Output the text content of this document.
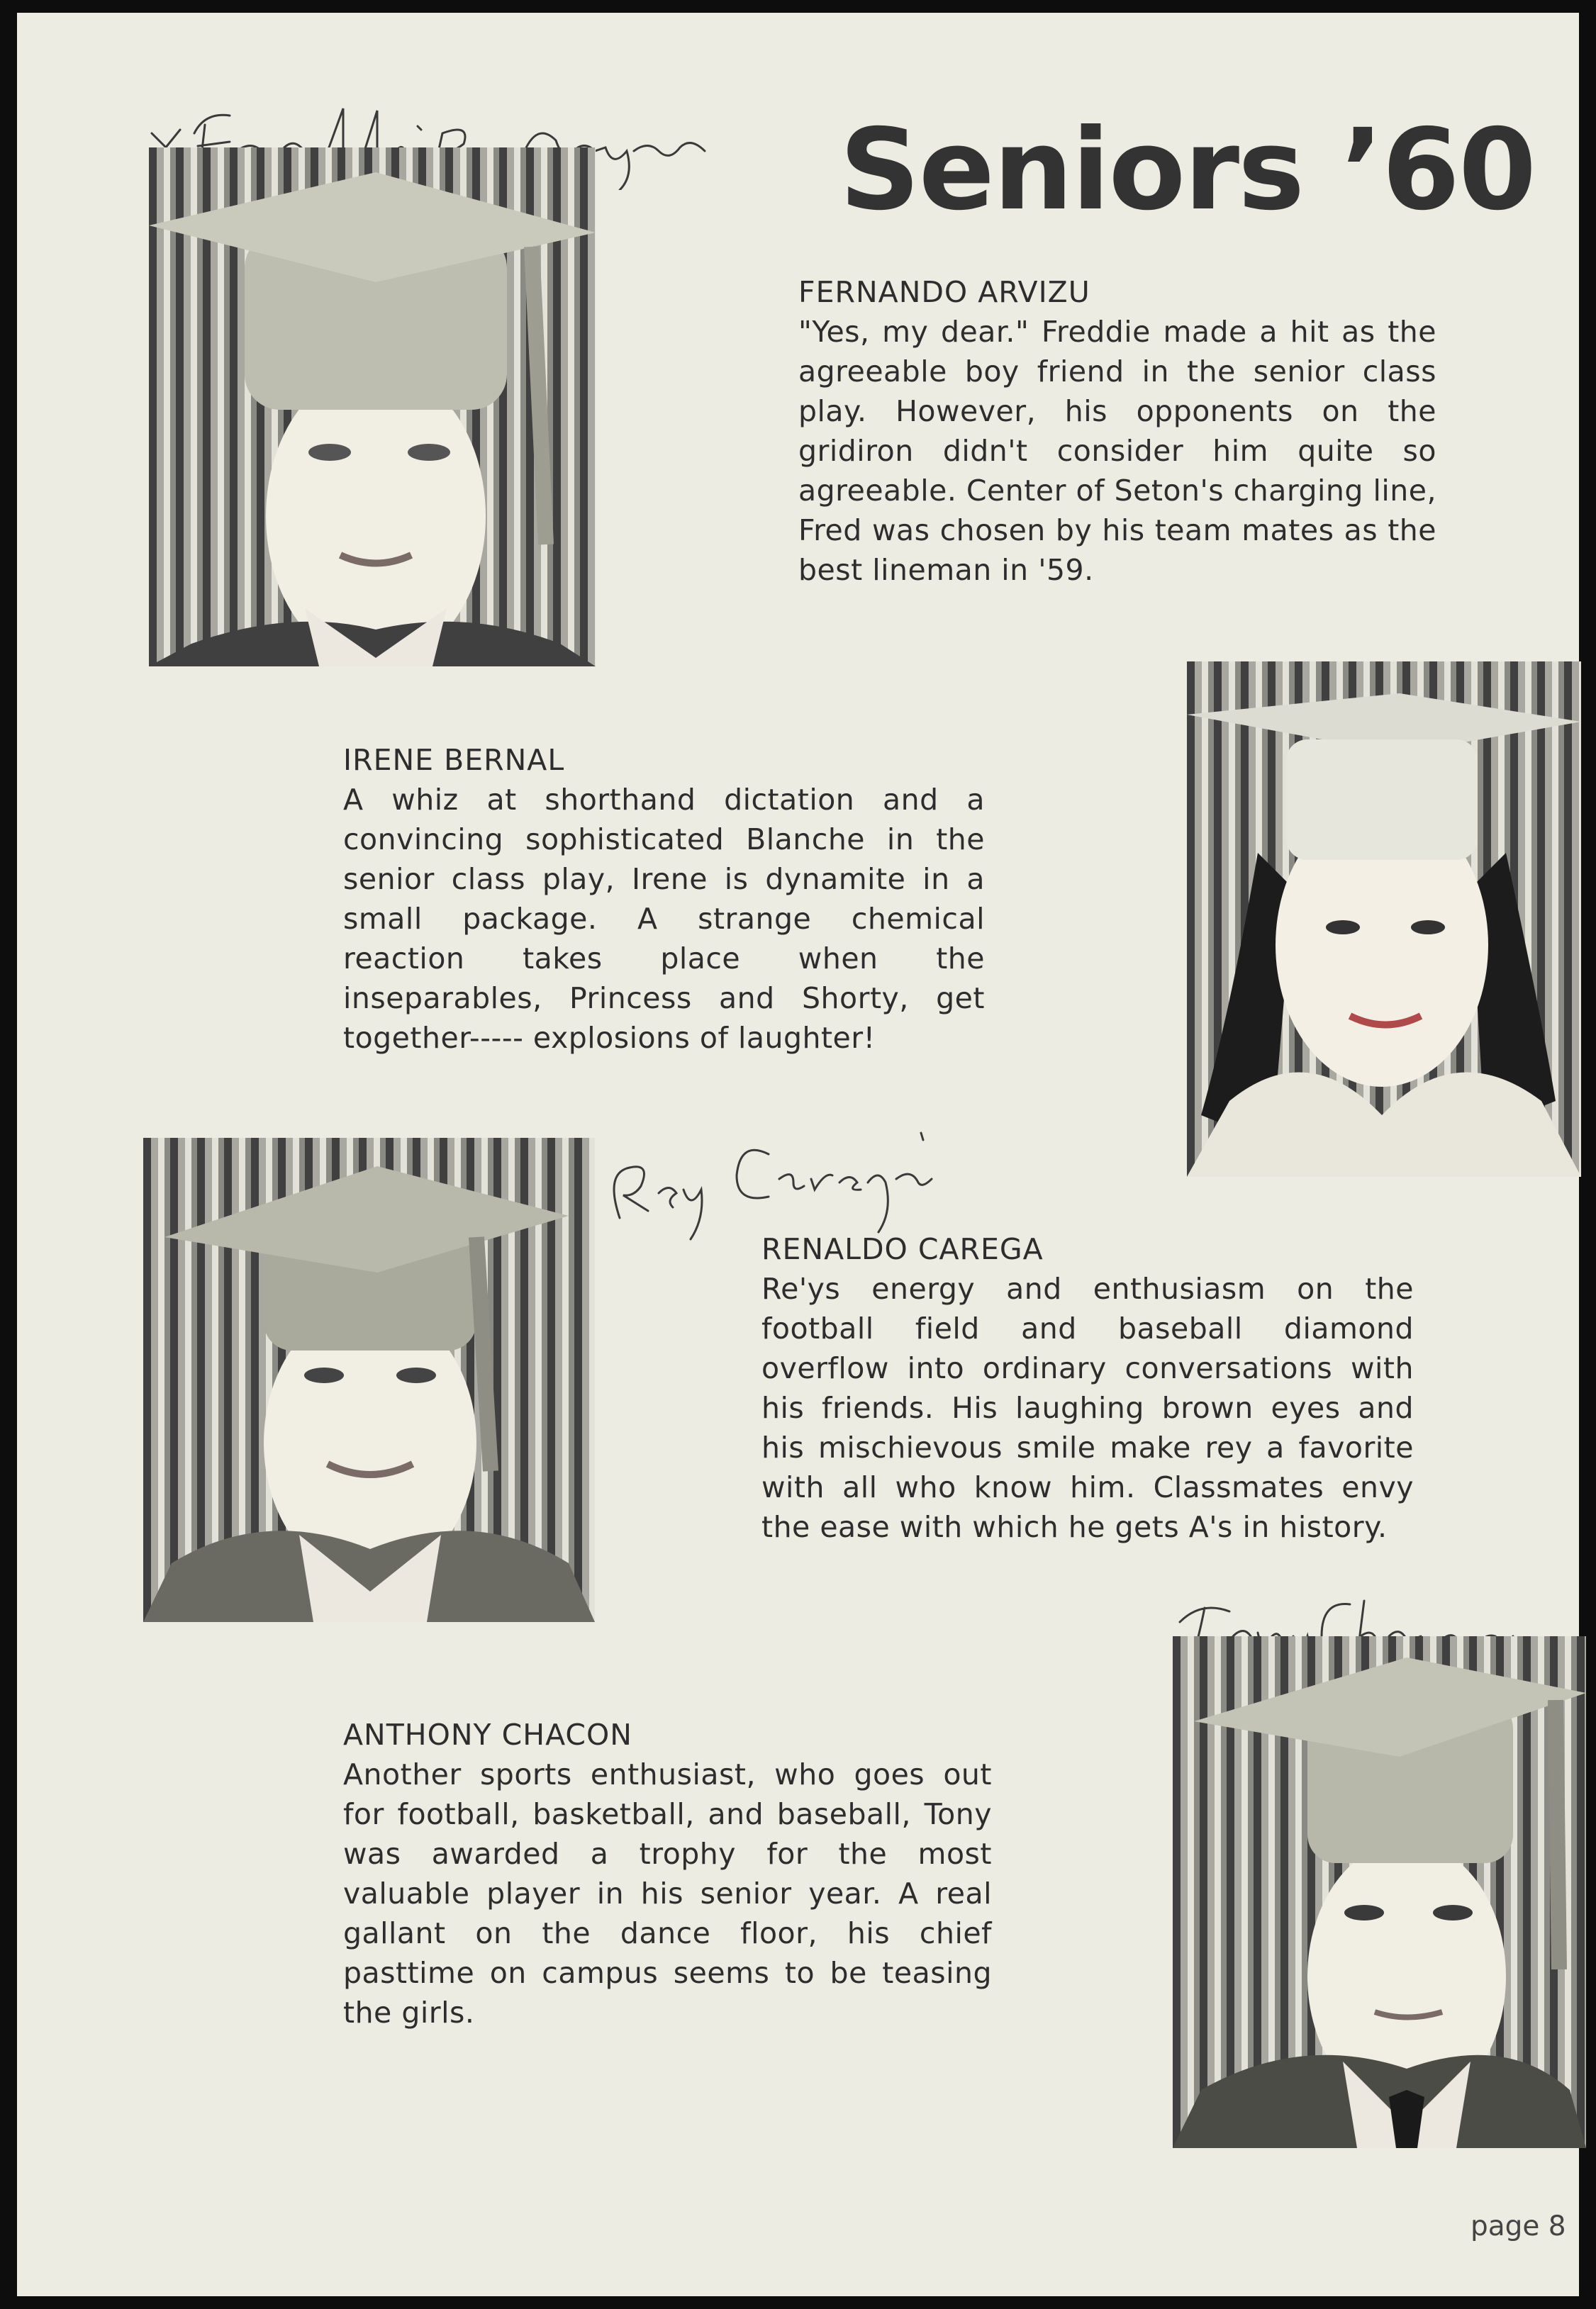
Seniors ’60
FERNANDO ARVIZU
"Yes, my dear." Freddie made a hit as the agreeable boy friend in the senior class play. However, his opponents on the gridiron didn't consider him quite so agreeable. Center of Seton's charging line, Fred was chosen by his team mates as the best lineman in '59.
IRENE BERNAL
A whiz at shorthand dictation and a convincing sophisticated Blanche in the senior class play, Irene is dynamite in a small package. A strange chemical reaction takes place when the inseparables, Princess and Shorty, get together----- explosions of laughter!
RENALDO CAREGA
Re'ys energy and enthusiasm on the football field and baseball diamond overflow into ordinary conversations with his friends. His laughing brown eyes and his mischievous smile make rey a favorite with all who know him. Classmates envy the ease with which he gets A's in history.
ANTHONY CHACON
Another sports enthusiast, who goes out for football, basketball, and baseball, Tony was awarded a trophy for the most valuable player in his senior year. A real gallant on the dance floor, his chief pasttime on campus seems to be teasing the girls.
page 8
